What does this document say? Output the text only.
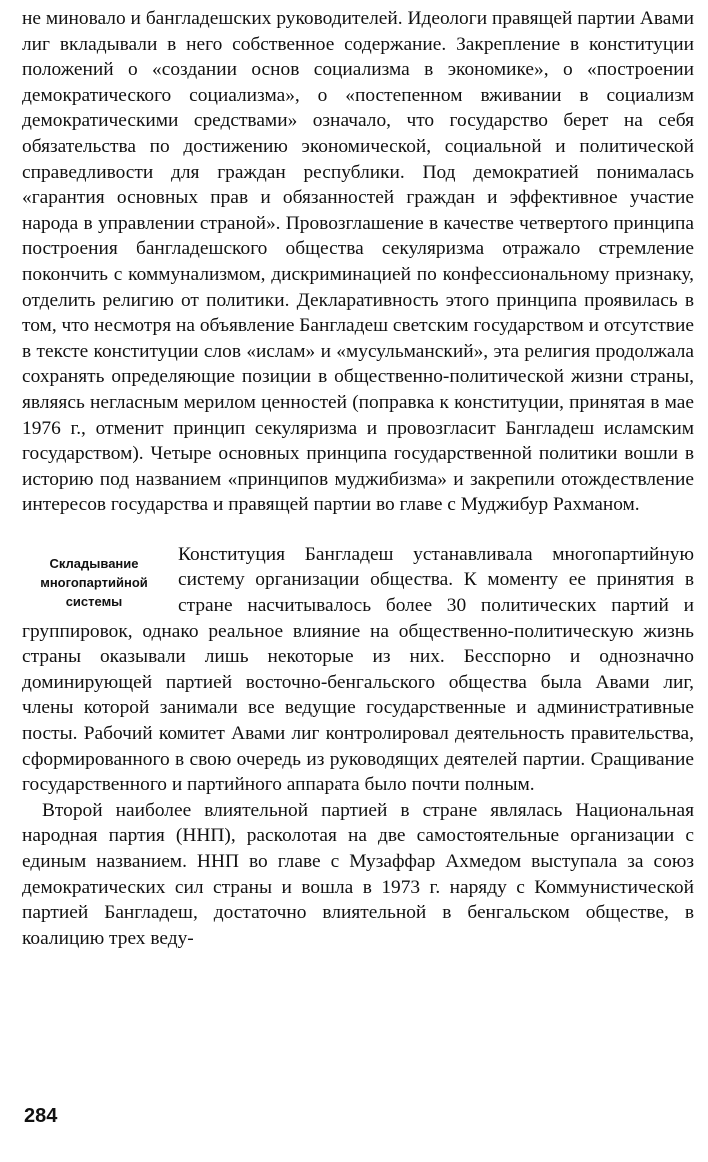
не миновало и бангладешских руководителей. Идеологи правящей партии Авами лиг вкладывали в него собственное содержание. Закрепление в конституции положений о «создании основ социализма в экономике», о «построении демократического социализма», о «постепенном вживании в социализм демократическими средствами» означало, что государство берет на себя обязательства по достижению экономической, социальной и политической справедливости для граждан республики. Под демократией понималась «гарантия основных прав и обязанностей граждан и эффективное участие народа в управлении страной». Провозглашение в качестве четвертого принципа построения бангладешского общества секуляризма отражало стремление покончить с коммунализмом, дискриминацией по конфессиональному признаку, отделить религию от политики. Декларативность этого принципа проявилась в том, что несмотря на объявление Бангладеш светским государством и отсутствие в тексте конституции слов «ислам» и «мусульманский», эта религия продолжала сохранять определяющие позиции в общественно-политической жизни страны, являясь негласным мерилом ценностей (поправка к конституции, принятая в мае 1976 г., отменит принцип секуляризма и провозгласит Бангладеш исламским государством). Четыре основных принципа государственной политики вошли в историю под названием «принципов муджибизма» и закрепили отождествление интересов государства и правящей партии во главе с Муджибур Рахманом.

Складывание многопартийной системы

Конституция Бангладеш устанавливала многопартийную систему организации общества. К моменту ее принятия в стране насчитывалось более 30 политических партий и группировок, однако реальное влияние на общественно-политическую жизнь страны оказывали лишь некоторые из них. Бесспорно и однозначно доминирующей партией восточно-бенгальского общества была Авами лиг, члены которой занимали все ведущие государственные и административные посты. Рабочий комитет Авами лиг контролировал деятельность правительства, сформированного в свою очередь из руководящих деятелей партии. Сращивание государственного и партийного аппарата было почти полным.

Второй наиболее влиятельной партией в стране являлась Национальная народная партия (ННП), расколотая на две самостоятельные организации с единым названием. ННП во главе с Музаффар Ахмедом выступала за союз демократических сил страны и вошла в 1973 г. наряду с Коммунистической партией Бангладеш, достаточно влиятельной в бенгальском обществе, в коалицию трех веду-

284
